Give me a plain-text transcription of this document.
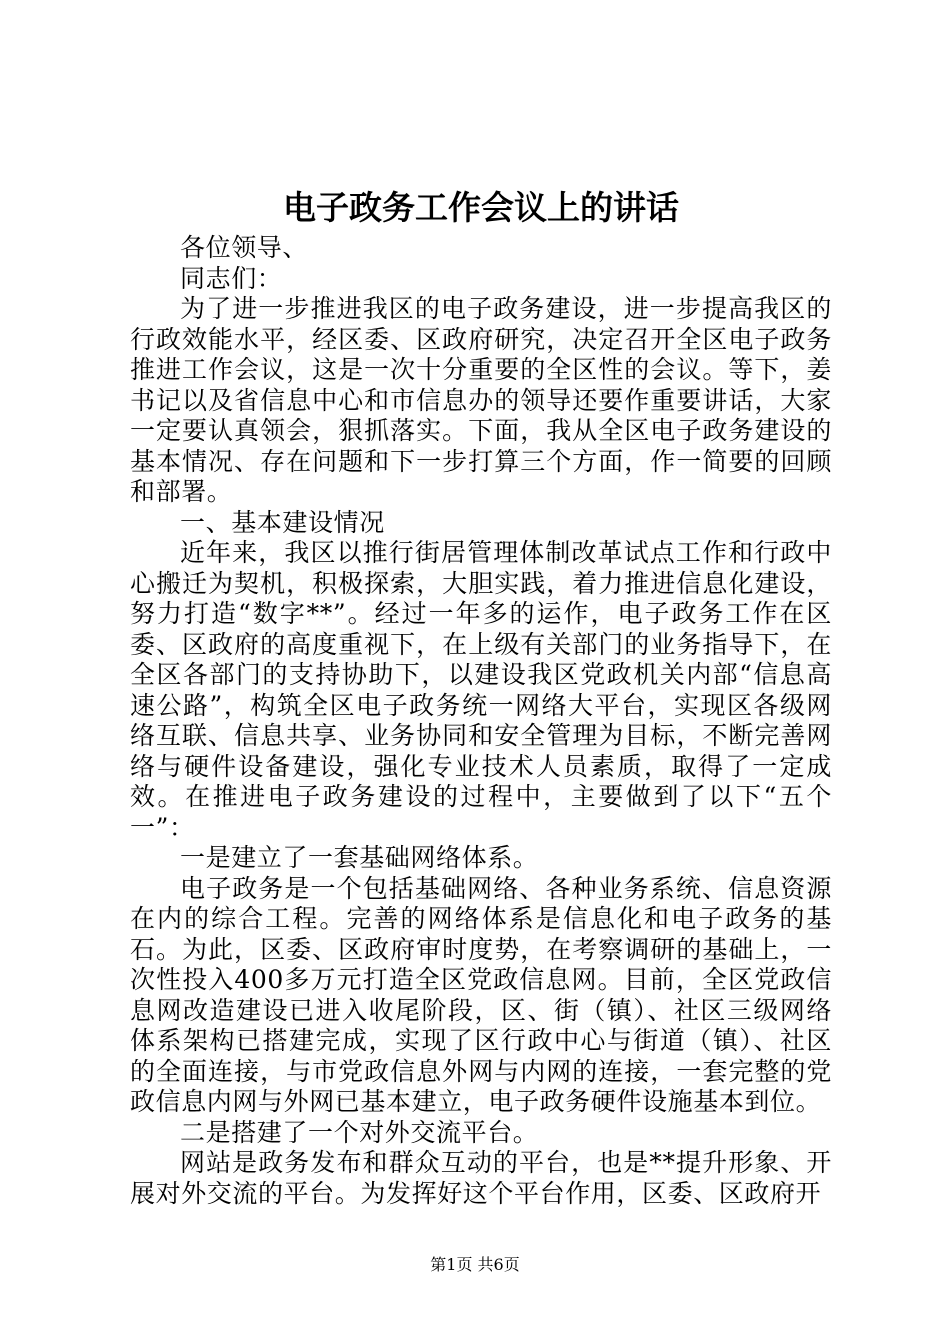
电子政务工作会议上的讲话

各位领导、

同志们：

为了进一步推进我区的电子政务建设，进一步提高我区的行政效能水平，经区委、区政府研究，决定召开全区电子政务推进工作会议，这是一次十分重要的全区性的会议。等下，姜书记以及省信息中心和市信息办的领导还要作重要讲话，大家一定要认真领会，狠抓落实。下面，我从全区电子政务建设的基本情况、存在问题和下一步打算三个方面，作一简要的回顾和部署。

一、基本建设情况

近年来，我区以推行街居管理体制改革试点工作和行政中心搬迁为契机，积极探索，大胆实践，着力推进信息化建设，努力打造“数字**”。经过一年多的运作，电子政务工作在区委、区政府的高度重视下，在上级有关部门的业务指导下，在全区各部门的支持协助下，以建设我区党政机关内部“信息高速公路”，构筑全区电子政务统一网络大平台，实现区各级网络互联、信息共享、业务协同和安全管理为目标，不断完善网络与硬件设备建设，强化专业技术人员素质，取得了一定成效。在推进电子政务建设的过程中，主要做到了以下“五个一”：

一是建立了一套基础网络体系。

电子政务是一个包括基础网络、各种业务系统、信息资源在内的综合工程。完善的网络体系是信息化和电子政务的基石。为此，区委、区政府审时度势，在考察调研的基础上，一次性投入400多万元打造全区党政信息网。目前，全区党政信息网改造建设已进入收尾阶段，区、街（镇）、社区三级网络体系架构已搭建完成，实现了区行政中心与街道（镇）、社区的全面连接，与市党政信息外网与内网的连接，一套完整的党政信息内网与外网已基本建立，电子政务硬件设施基本到位。

二是搭建了一个对外交流平台。

网站是政务发布和群众互动的平台，也是**提升形象、开展对外交流的平台。为发挥好这个平台作用，区委、区政府开

第1页 共6页
